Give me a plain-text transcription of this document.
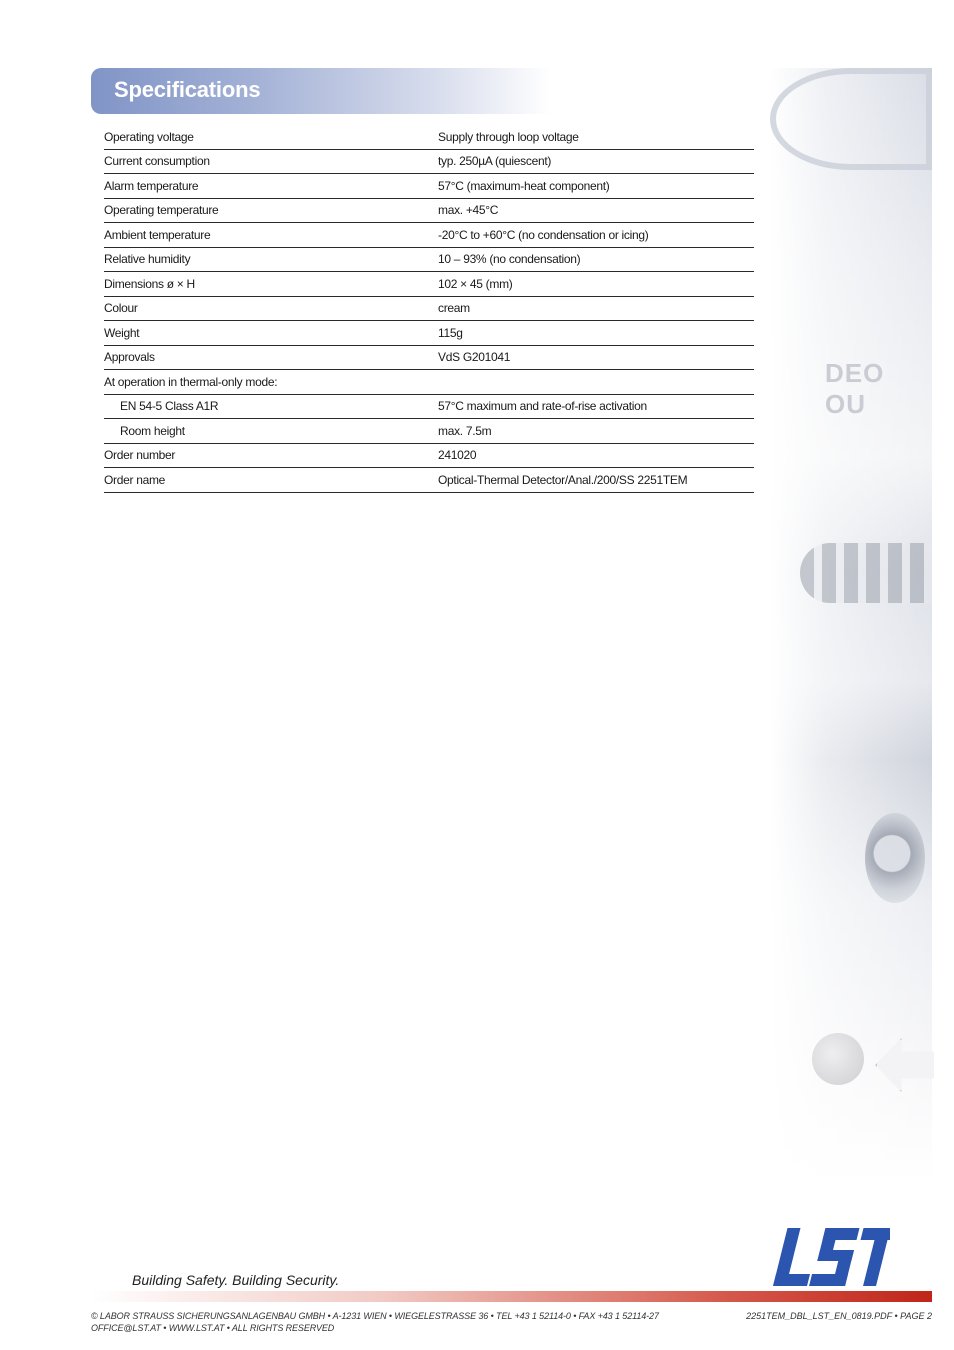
DEO OU
Specifications
Operating voltage	Supply through loop voltage
Current consumption	typ. 250µA (quiescent)
Alarm temperature	57°C (maximum-heat component)
Operating temperature	max. +45°C
Ambient temperature	-20°C to +60°C (no condensation or icing)
Relative humidity	10 – 93% (no condensation)
Dimensions ø × H	102 × 45 (mm)
Colour	cream
Weight	115g
Approvals	VdS G201041
At operation in thermal-only mode:
EN 54-5 Class A1R	57°C maximum and rate-of-rise activation
Room height	max. 7.5m
Order number	241020
Order name	Optical-Thermal Detector/Anal./200/SS 2251TEM
Building Safety. Building Security.
© LABOR STRAUSS SICHERUNGSANLAGENBAU GMBH • A-1231 WIEN • WIEGELESTRASSE 36 • TEL +43 1 52114-0 • FAX +43 1 52114-27
OFFICE@LST.AT • WWW.LST.AT • ALL RIGHTS RESERVED
2251TEM_DBL_LST_EN_0819.PDF • PAGE 2
